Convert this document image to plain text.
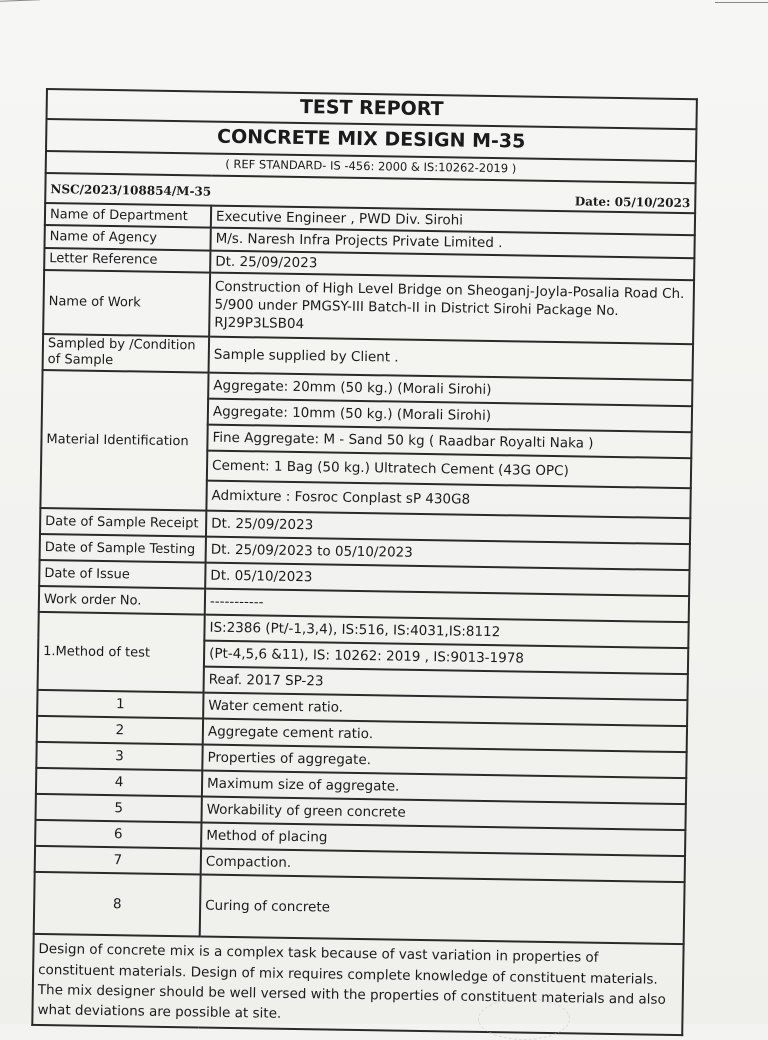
TEST REPORT	
CONCRETE MIX DESIGN M-35	
( REF STANDARD- IS -456: 2000 & IS:10262-2019 )	

NSC/2023/108854/M-35
Date: 05/10/2023	

Name of Department	Executive Engineer , PWD Div. Sirohi
Name of Agency	M/s. Naresh Infra Projects Private Limited .
Letter Reference	Dt. 25/09/2023
Name of Work	Construction of High Level Bridge on Sheoganj-Joyla-Posalia Road Ch. 5/900 under PMGSY-III Batch-II in District Sirohi Package No. RJ29P3LSB04
Sampled by /Condition of Sample	Sample supplied by Client .
Material Identification	Aggregate: 20mm (50 kg.) (Morali Sirohi)
	Aggregate: 10mm (50 kg.) (Morali Sirohi)
	Fine Aggregate: M - Sand 50 kg ( Raadbar Royalti Naka )
	Cement: 1 Bag (50 kg.) Ultratech Cement (43G OPC)
	Admixture : Fosroc Conplast sP 430G8
Date of Sample Receipt	Dt. 25/09/2023
Date of Sample Testing	Dt. 25/09/2023 to 05/10/2023
Date of Issue	Dt. 05/10/2023
Work order No.	-----------
1.Method of test	IS:2386 (Pt/-1,3,4), IS:516, IS:4031,IS:8112
	(Pt-4,5,6 &11), IS: 10262: 2019 , IS:9013-1978
	Reaf. 2017 SP-23
1	Water cement ratio.
2	Aggregate cement ratio.
3	Properties of aggregate.
4	Maximum size of aggregate.
5	Workability of green concrete
6	Method of placing
7	Compaction.
8	Curing of concrete
Design of concrete mix is a complex task because of vast variation in properties of constituent materials. Design of mix requires complete knowledge of constituent materials. The mix designer should be well versed with the properties of constituent materials and also what deviations are possible at site.	
